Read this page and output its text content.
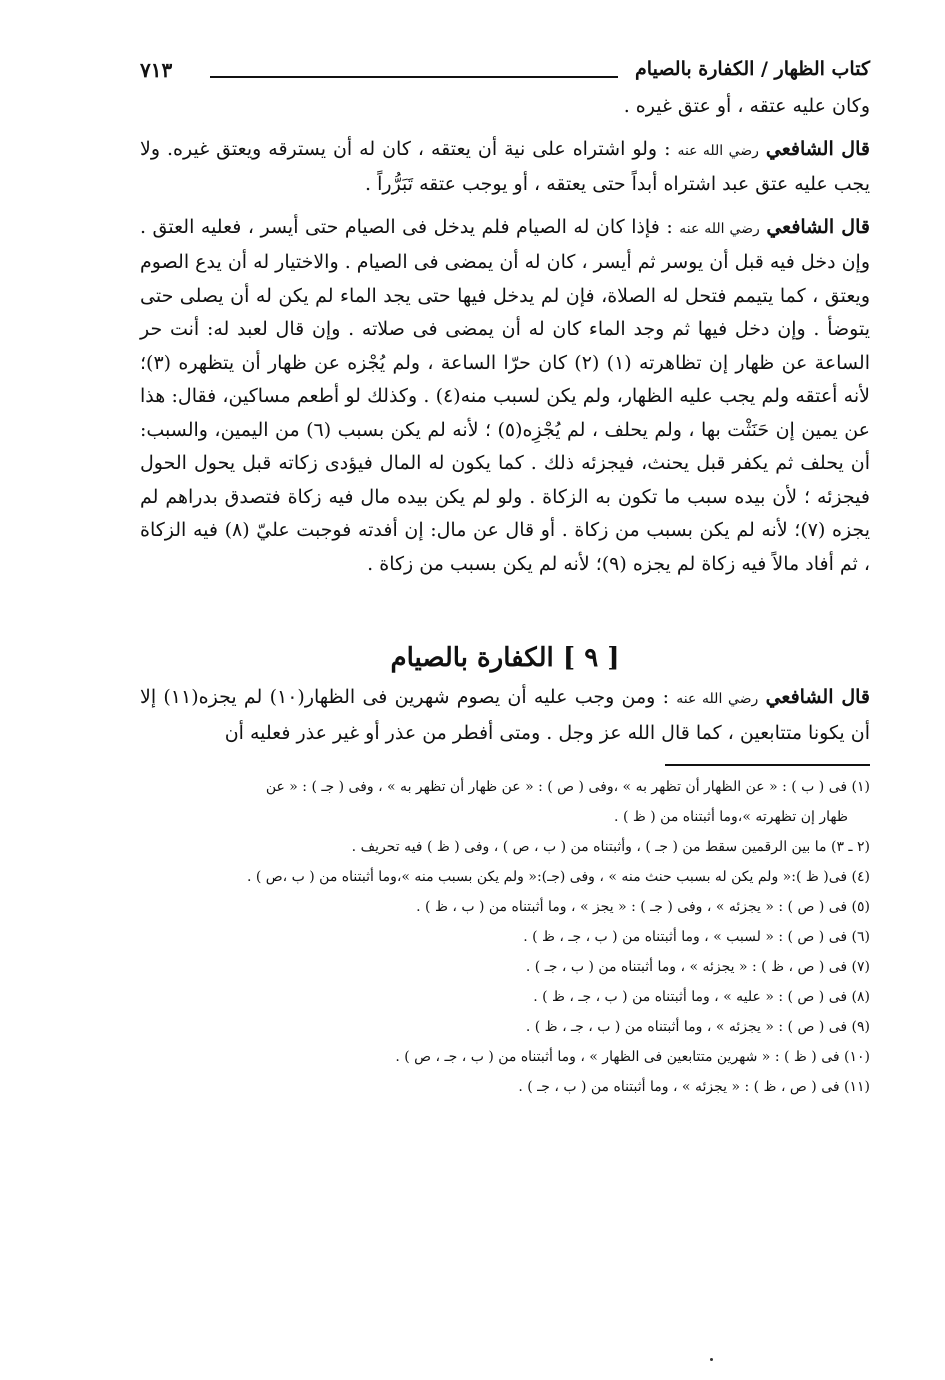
كتاب الظهار / الكفارة بالصيام
٧١٣

وكان عليه عتقه ، أو عتق غيره .

قال الشافعي رضي الله عنه : ولو اشتراه على نية أن يعتقه ، كان له أن يسترقه ويعتق غيره. ولا يجب عليه عتق عبد اشتراه أبداً حتى يعتقه ، أو يوجب عتقه تَبَرُّراً .

قال الشافعي رضي الله عنه : فإذا كان له الصيام فلم يدخل فى الصيام حتى أيسر ، فعليه العتق . وإن دخل فيه قبل أن يوسر ثم أيسر ، كان له أن يمضى فى الصيام . والاختيار له أن يدع الصوم ويعتق ، كما يتيمم فتحل له الصلاة، فإن لم يدخل فيها حتى يجد الماء لم يكن له أن يصلى حتى يتوضأ . وإن دخل فيها ثم وجد الماء كان له أن يمضى فى صلاته . وإن قال لعبد له: أنت حر الساعة عن ظهار إن تظاهرته (١) (٢) كان حرّا الساعة ، ولم يُجْزه عن ظهار أن يتظهره (٣)؛ لأنه أعتقه ولم يجب عليه الظهار، ولم يكن لسبب منه(٤) . وكذلك لو أطعم مساكين، فقال: هذا عن يمين إن حَنَثْت بها ، ولم يحلف ، لم يُجْزِه(٥) ؛ لأنه لم يكن بسبب (٦) من اليمين، والسبب: أن يحلف ثم يكفر قبل يحنث، فيجزئه ذلك . كما يكون له المال فيؤدى زكاته قبل يحول الحول فيجزئه ؛ لأن بيده سبب ما تكون به الزكاة . ولو لم يكن بيده مال فيه زكاة فتصدق بدراهم لم يجزه (٧)؛ لأنه لم يكن بسبب من زكاة . أو قال عن مال: إن أفدته فوجبت عليّ (٨) فيه الزكاة ، ثم أفاد مالاً فيه زكاة لم يجزه (٩)؛ لأنه لم يكن بسبب من زكاة .

[ ٩ ] الكفارة بالصيام

قال الشافعي رضي الله عنه : ومن وجب عليه أن يصوم شهرين فى الظهار(١٠) لم يجزه(١١) إلا أن يكونا متتابعين ، كما قال الله عز وجل . ومتى أفطر من عذر أو غير عذر فعليه أن

(١) فى ( ب ) : « عن الظهار أن تظهر به » ،وفى ( ص ) : « عن ظهار أن تظهر به » ، وفى ( جـ ) : « عن
ظهار إن تظهرته »،وما أثبتناه من ( ظ ) .
(٢ ـ ٣) ما بين الرقمين سقط من ( جـ ) ، وأثبتناه من ( ب ، ص ) ، وفى ( ظ ) فيه تحريف .
(٤) فى( ظ ):« ولم يكن له بسبب حنث منه » ، وفى (جـ):« ولم يكن بسبب منه »،وما أثبتناه من ( ب ،ص ) .
(٥) فى ( ص ) : « يجزئه » ، وفى ( جـ ) : « يجز » ، وما أثبتناه من ( ب ، ظ ) .
(٦) فى ( ص ) : « لسبب » ، وما أثبتناه من ( ب ، جـ ، ظ ) .
(٧) فى ( ص ، ظ ) : « يجزئه » ، وما أثبتناه من ( ب ، جـ ) .
(٨) فى ( ص ) : « عليه » ، وما أثبتناه من ( ب ، جـ ، ظ ) .
(٩) فى ( ص ) : « يجزئه » ، وما أثبتناه من ( ب ، جـ ، ظ ) .
(١٠) فى ( ظ ) : « شهرين متتابعين فى الظهار » ، وما أثبتناه من ( ب ، جـ ، ص ) .
(١١) فى ( ص ، ظ ) : « يجزئه » ، وما أثبتناه من ( ب ، جـ ) .
